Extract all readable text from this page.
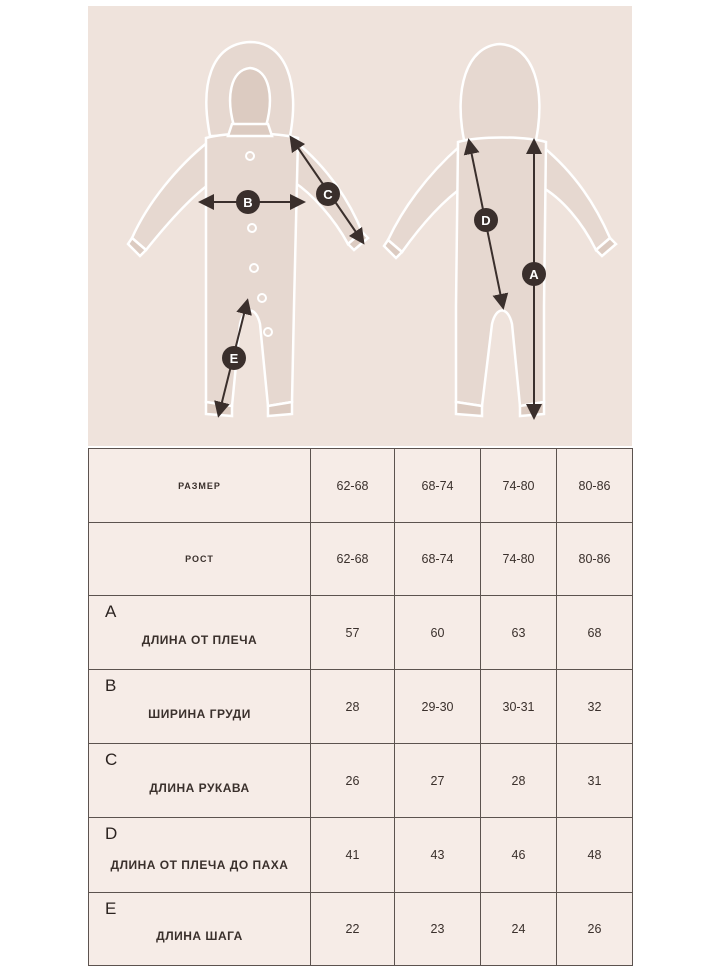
B
C
E
D
A
РАЗМЕР	62-68	68-74	74-80	80-86
РОСТ	62-68	68-74	74-80	80-86

A
ДЛИНА ОТ ПЛЕЧА	57	60	63	68

B
ШИРИНА ГРУДИ	28	29-30	30-31	32

C
ДЛИНА РУКАВА	26	27	28	31

D
ДЛИНА ОТ ПЛЕЧА ДО ПАХА	41	43	46	48

E
ДЛИНА ШАГА	22	23	24	26
